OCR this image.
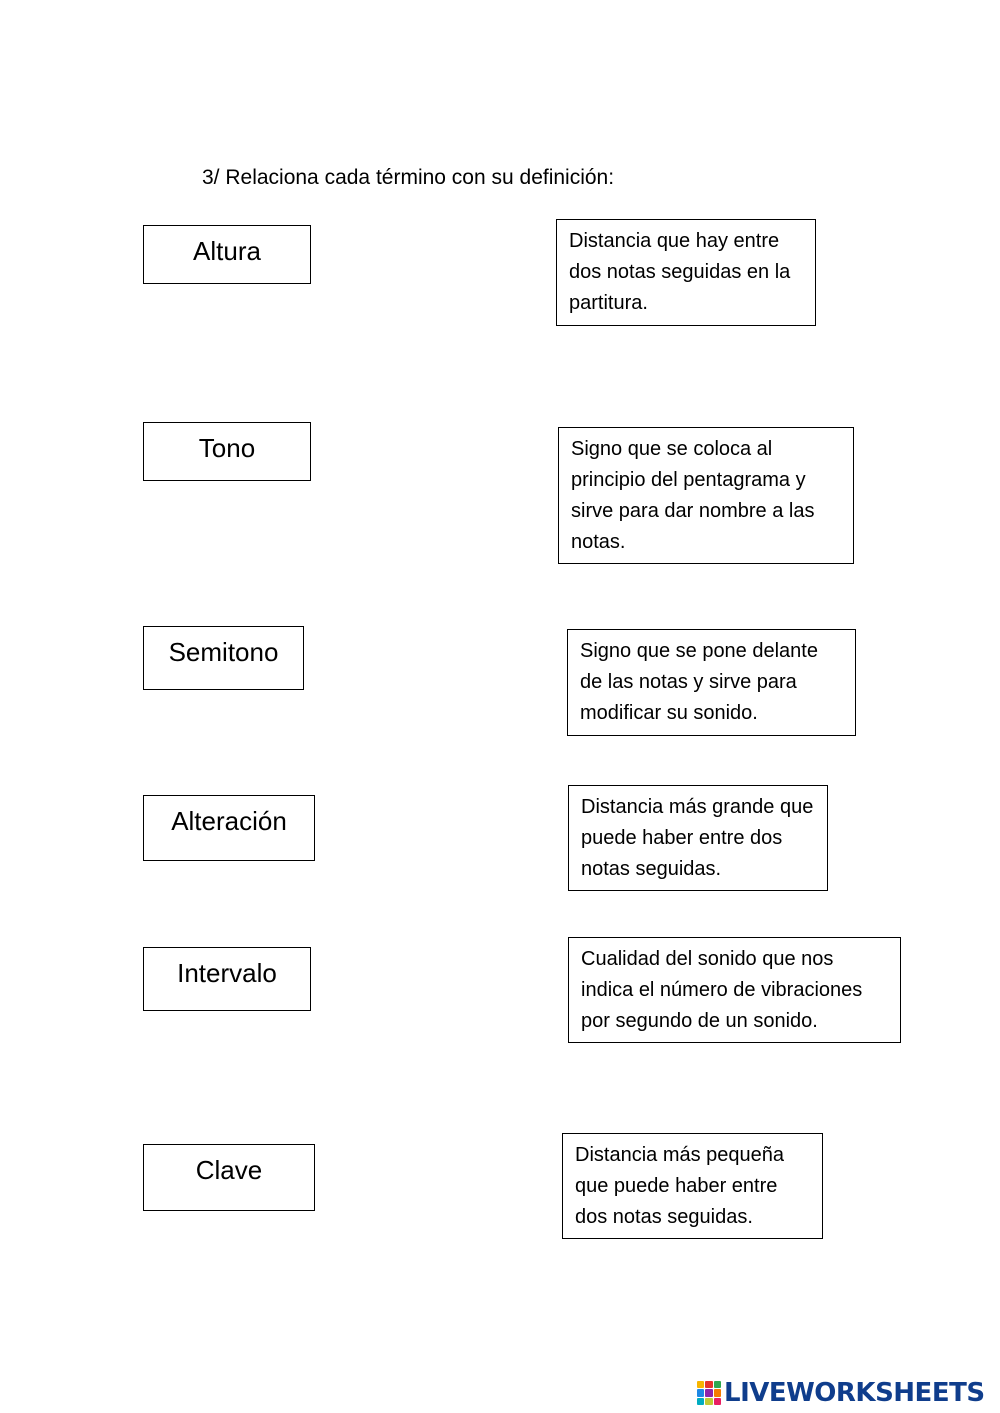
3/ Relaciona cada término con su definición:
Altura
Tono
Semitono
Alteración
Intervalo
Clave
Distancia que hay entre dos notas seguidas en la partitura.
Signo que se coloca al principio del pentagrama y sirve para dar nombre a las notas.
Signo que se pone delante de las notas y sirve para modificar su sonido.
Distancia más grande que puede haber entre dos notas seguidas.
Cualidad del sonido que nos indica el número de vibraciones por segundo de un sonido.
Distancia más pequeña que puede haber entre dos notas seguidas.
LIVEWORKSHEETS
